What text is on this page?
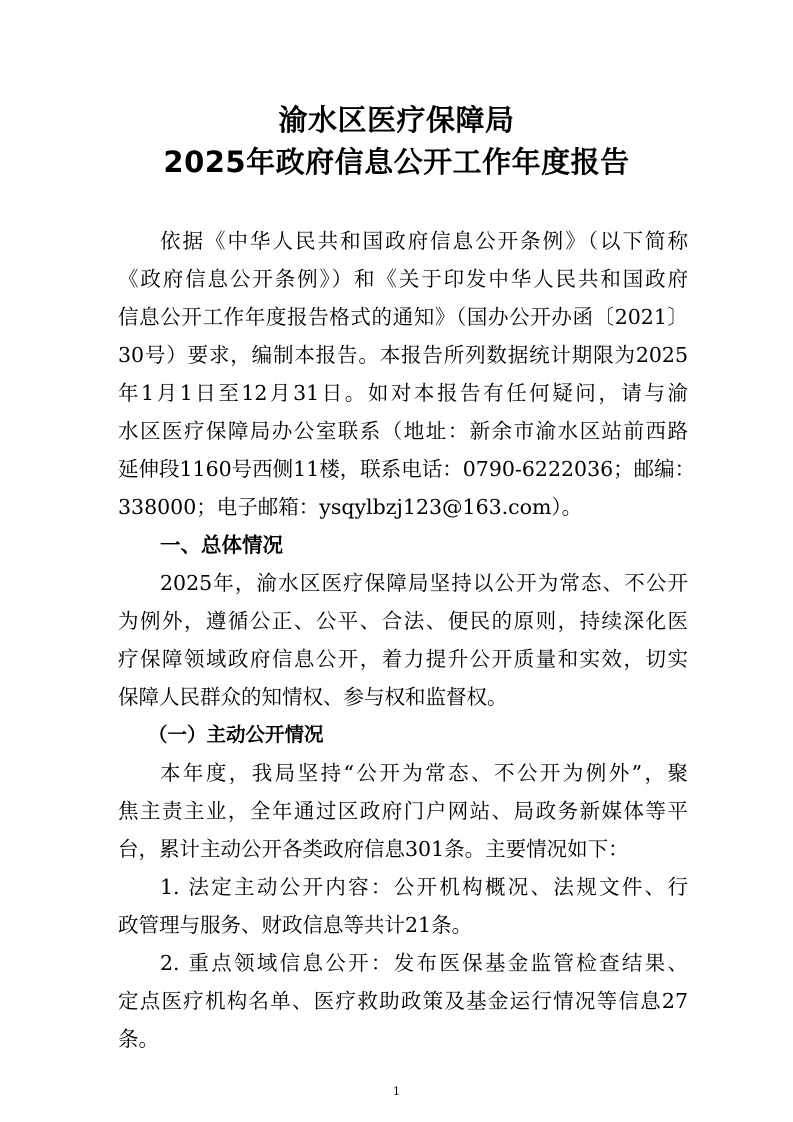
渝水区医疗保障局
2025年政府信息公开工作年度报告
依据《中华人民共和国政府信息公开条例》（以下简称
《政府信息公开条例》）和《关于印发中华人民共和国政府
信息公开工作年度报告格式的通知》（国办公开办函〔2021〕
30号）要求，编制本报告。本报告所列数据统计期限为2025
年1月1日至12月31日。如对本报告有任何疑问，请与渝
水区医疗保障局办公室联系（地址：新余市渝水区站前西路
延伸段1160号西侧11楼，联系电话：0790-6222036；邮编：
338000；电子邮箱：ysqylbzj123@163.com）。
一、总体情况
2025年，渝水区医疗保障局坚持以公开为常态、不公开
为例外，遵循公正、公平、合法、便民的原则，持续深化医
疗保障领域政府信息公开，着力提升公开质量和实效，切实
保障人民群众的知情权、参与权和监督权。
（一）主动公开情况
本年度，我局坚持“公开为常态、不公开为例外”，聚
焦主责主业，全年通过区政府门户网站、局政务新媒体等平
台，累计主动公开各类政府信息301条。主要情况如下：
1. 法定主动公开内容：公开机构概况、法规文件、行
政管理与服务、财政信息等共计21条。
2. 重点领域信息公开：发布医保基金监管检查结果、
定点医疗机构名单、医疗救助政策及基金运行情况等信息27
条。
1
